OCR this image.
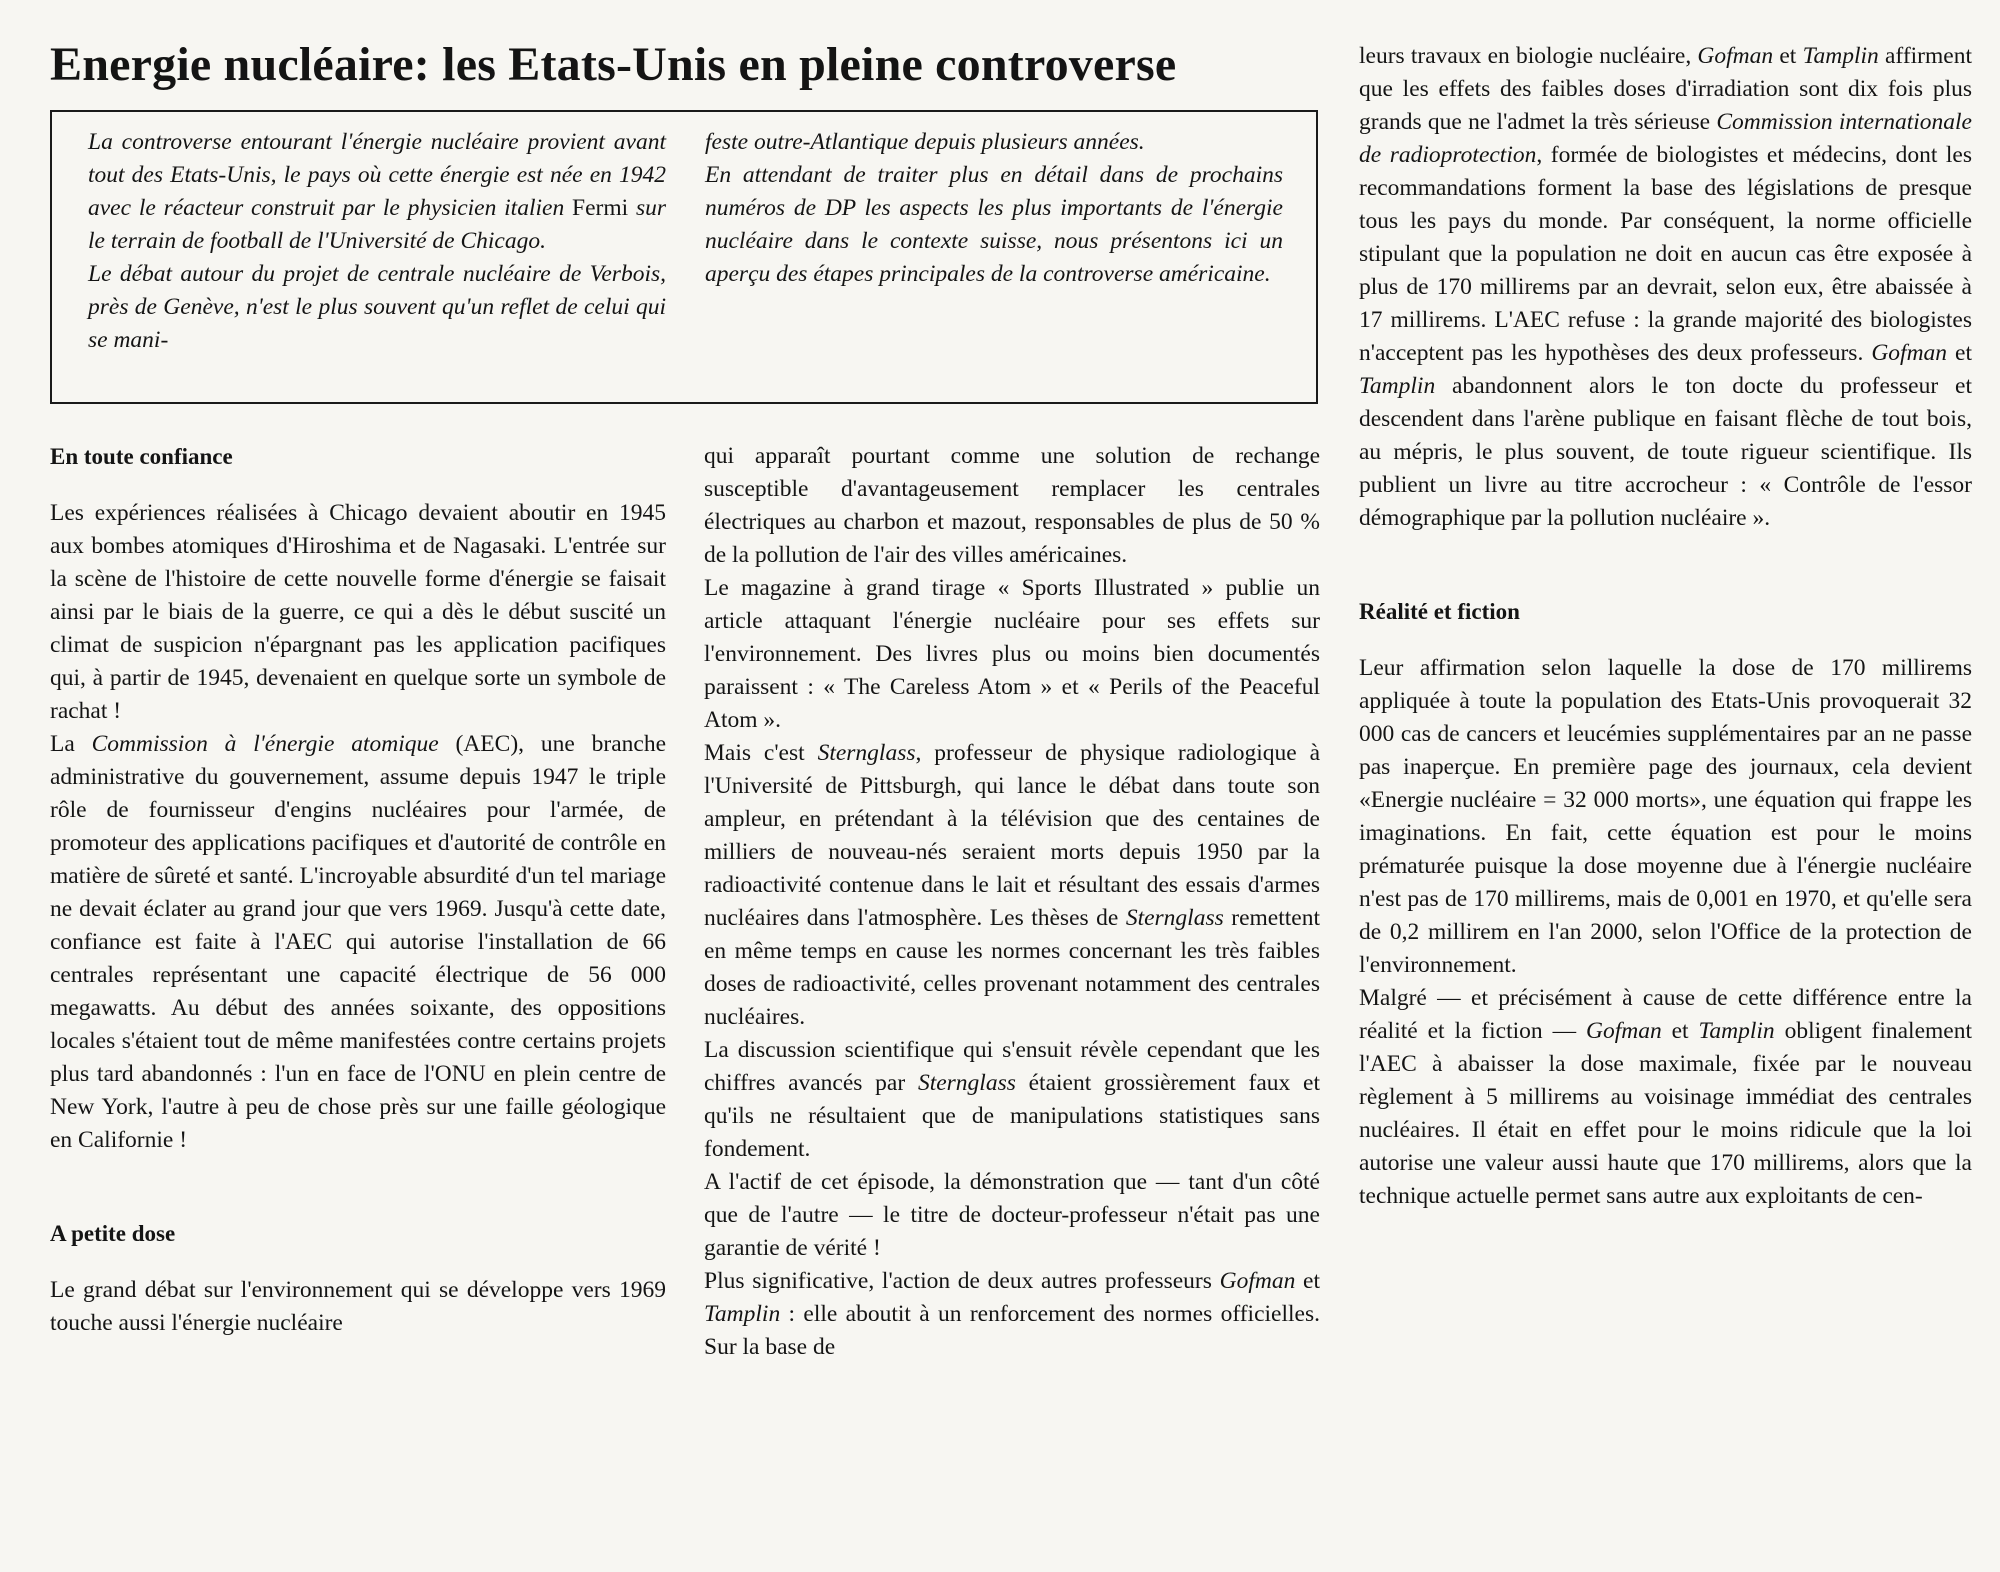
Energie nucléaire: les Etats-Unis en pleine controverse

La controverse entourant l'énergie nucléaire provient avant tout des Etats-Unis, le pays où cette énergie est née en 1942 avec le réacteur construit par le physicien italien Fermi sur le terrain de football de l'Université de Chicago.

Le débat autour du projet de centrale nucléaire de Verbois, près de Genève, n'est le plus souvent qu'un reflet de celui qui se mani-

feste outre-Atlantique depuis plusieurs années.

En attendant de traiter plus en détail dans de prochains numéros de DP les aspects les plus importants de l'énergie nucléaire dans le contexte suisse, nous présentons ici un aperçu des étapes principales de la controverse américaine.

En toute confiance

Les expériences réalisées à Chicago devaient aboutir en 1945 aux bombes atomiques d'Hiroshima et de Nagasaki. L'entrée sur la scène de l'histoire de cette nouvelle forme d'énergie se faisait ainsi par le biais de la guerre, ce qui a dès le début suscité un climat de suspicion n'épargnant pas les application pacifiques qui, à partir de 1945, devenaient en quelque sorte un symbole de rachat !

La Commission à l'énergie atomique (AEC), une branche administrative du gouvernement, assume depuis 1947 le triple rôle de fournisseur d'engins nucléaires pour l'armée, de promoteur des applications pacifiques et d'autorité de contrôle en matière de sûreté et santé. L'incroyable absurdité d'un tel mariage ne devait éclater au grand jour que vers 1969. Jusqu'à cette date, confiance est faite à l'AEC qui autorise l'installation de 66 centrales représentant une capacité électrique de 56 000 megawatts. Au début des années soixante, des oppositions locales s'étaient tout de même manifestées contre certains projets plus tard abandonnés : l'un en face de l'ONU en plein centre de New York, l'autre à peu de chose près sur une faille géologique en Californie !

A petite dose

Le grand débat sur l'environnement qui se développe vers 1969 touche aussi l'énergie nucléaire

qui apparaît pourtant comme une solution de rechange susceptible d'avantageusement remplacer les centrales électriques au charbon et mazout, responsables de plus de 50 % de la pollution de l'air des villes américaines.

Le magazine à grand tirage « Sports Illustrated » publie un article attaquant l'énergie nucléaire pour ses effets sur l'environnement. Des livres plus ou moins bien documentés paraissent : « The Careless Atom » et « Perils of the Peaceful Atom ».

Mais c'est Sternglass, professeur de physique radiologique à l'Université de Pittsburgh, qui lance le débat dans toute son ampleur, en prétendant à la télévision que des centaines de milliers de nouveau-nés seraient morts depuis 1950 par la radioactivité contenue dans le lait et résultant des essais d'armes nucléaires dans l'atmosphère. Les thèses de Sternglass remettent en même temps en cause les normes concernant les très faibles doses de radioactivité, celles provenant notamment des centrales nucléaires.

La discussion scientifique qui s'ensuit révèle cependant que les chiffres avancés par Sternglass étaient grossièrement faux et qu'ils ne résultaient que de manipulations statistiques sans fondement.

A l'actif de cet épisode, la démonstration que — tant d'un côté que de l'autre — le titre de docteur-professeur n'était pas une garantie de vérité !

Plus significative, l'action de deux autres professeurs Gofman et Tamplin : elle aboutit à un renforcement des normes officielles. Sur la base de

leurs travaux en biologie nucléaire, Gofman et Tamplin affirment que les effets des faibles doses d'irradiation sont dix fois plus grands que ne l'admet la très sérieuse Commission internationale de radioprotection, formée de biologistes et médecins, dont les recommandations forment la base des législations de presque tous les pays du monde. Par conséquent, la norme officielle stipulant que la population ne doit en aucun cas être exposée à plus de 170 millirems par an devrait, selon eux, être abaissée à 17 millirems. L'AEC refuse : la grande majorité des biologistes n'acceptent pas les hypothèses des deux professeurs. Gofman et Tamplin abandonnent alors le ton docte du professeur et descendent dans l'arène publique en faisant flèche de tout bois, au mépris, le plus souvent, de toute rigueur scientifique. Ils publient un livre au titre accrocheur : « Contrôle de l'essor démographique par la pollution nucléaire ».

Réalité et fiction

Leur affirmation selon laquelle la dose de 170 millirems appliquée à toute la population des Etats-Unis provoquerait 32 000 cas de cancers et leucémies supplémentaires par an ne passe pas inaperçue. En première page des journaux, cela devient «Energie nucléaire = 32 000 morts», une équation qui frappe les imaginations. En fait, cette équation est pour le moins prématurée puisque la dose moyenne due à l'énergie nucléaire n'est pas de 170 millirems, mais de 0,001 en 1970, et qu'elle sera de 0,2 millirem en l'an 2000, selon l'Office de la protection de l'environnement.

Malgré — et précisément à cause de cette différence entre la réalité et la fiction — Gofman et Tamplin obligent finalement l'AEC à abaisser la dose maximale, fixée par le nouveau règlement à 5 millirems au voisinage immédiat des centrales nucléaires. Il était en effet pour le moins ridicule que la loi autorise une valeur aussi haute que 170 millirems, alors que la technique actuelle permet sans autre aux exploitants de cen-
